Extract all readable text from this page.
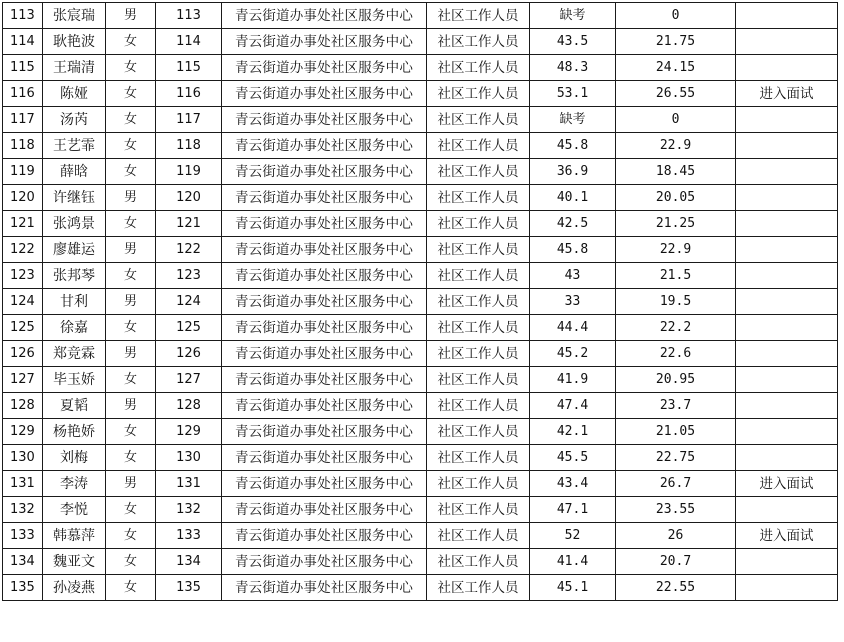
113	张宸瑞	男	113	青云街道办事处社区服务中心	社区工作人员	缺考	0	
114	耿艳波	女	114	青云街道办事处社区服务中心	社区工作人员	43.5	21.75	
115	王瑞清	女	115	青云街道办事处社区服务中心	社区工作人员	48.3	24.15	
116	陈娅	女	116	青云街道办事处社区服务中心	社区工作人员	53.1	26.55	进入面试
117	汤芮	女	117	青云街道办事处社区服务中心	社区工作人员	缺考	0	
118	王艺霏	女	118	青云街道办事处社区服务中心	社区工作人员	45.8	22.9	
119	薛晗	女	119	青云街道办事处社区服务中心	社区工作人员	36.9	18.45	
120	许继钰	男	120	青云街道办事处社区服务中心	社区工作人员	40.1	20.05	
121	张鸿景	女	121	青云街道办事处社区服务中心	社区工作人员	42.5	21.25	
122	廖雄运	男	122	青云街道办事处社区服务中心	社区工作人员	45.8	22.9	
123	张邦琴	女	123	青云街道办事处社区服务中心	社区工作人员	43	21.5	
124	甘利	男	124	青云街道办事处社区服务中心	社区工作人员	33	19.5	
125	徐嘉	女	125	青云街道办事处社区服务中心	社区工作人员	44.4	22.2	
126	郑竞霖	男	126	青云街道办事处社区服务中心	社区工作人员	45.2	22.6	
127	毕玉娇	女	127	青云街道办事处社区服务中心	社区工作人员	41.9	20.95	
128	夏韬	男	128	青云街道办事处社区服务中心	社区工作人员	47.4	23.7	
129	杨艳娇	女	129	青云街道办事处社区服务中心	社区工作人员	42.1	21.05	
130	刘梅	女	130	青云街道办事处社区服务中心	社区工作人员	45.5	22.75	
131	李涛	男	131	青云街道办事处社区服务中心	社区工作人员	43.4	26.7	进入面试
132	李悦	女	132	青云街道办事处社区服务中心	社区工作人员	47.1	23.55	
133	韩慕萍	女	133	青云街道办事处社区服务中心	社区工作人员	52	26	进入面试
134	魏亚文	女	134	青云街道办事处社区服务中心	社区工作人员	41.4	20.7	
135	孙凌燕	女	135	青云街道办事处社区服务中心	社区工作人员	45.1	22.55	
